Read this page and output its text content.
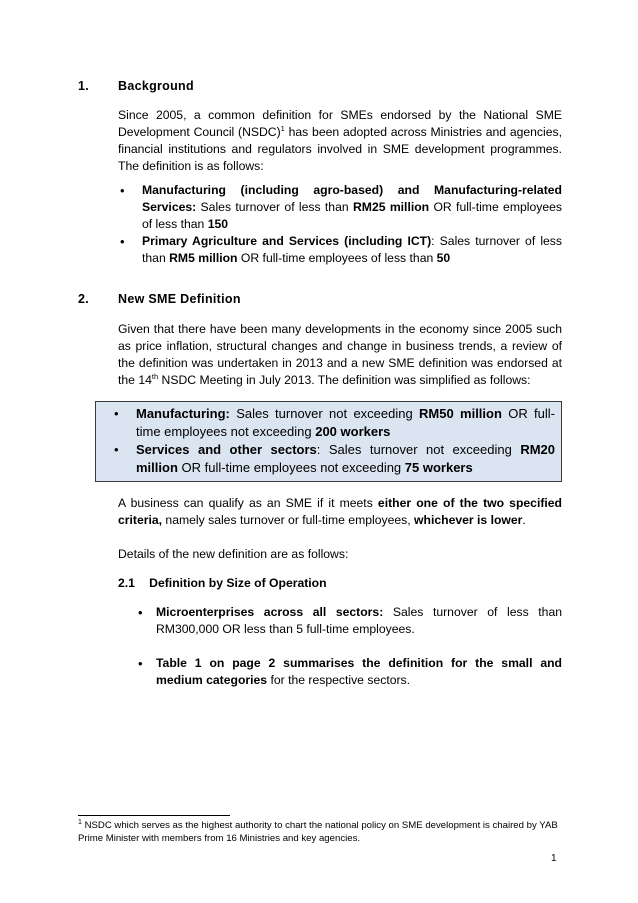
1. Background
Since 2005, a common definition for SMEs endorsed by the National SME Development Council (NSDC)$^1$ has been adopted across Ministries and agencies, financial institutions and regulators involved in SME development programmes. The definition is as follows:
• Manufacturing (including agro-based) and Manufacturing-related Services: Sales turnover of less than RM25 million OR full-time employees of less than 150
• Primary Agriculture and Services (including ICT): Sales turnover of less than RM5 million OR full-time employees of less than 50
2. New SME Definition
Given that there have been many developments in the economy since 2005 such as price inflation, structural changes and change in business trends, a review of the definition was undertaken in 2013 and a new SME definition was endorsed at the 14th NSDC Meeting in July 2013. The definition was simplified as follows:
• Manufacturing: Sales turnover not exceeding RM50 million OR full-time employees not exceeding 200 workers
• Services and other sectors: Sales turnover not exceeding RM20 million OR full-time employees not exceeding 75 workers
A business can qualify as an SME if it meets either one of the two specified criteria, namely sales turnover or full-time employees, whichever is lower.
Details of the new definition are as follows:
2.1 Definition by Size of Operation
• Microenterprises across all sectors: Sales turnover of less than RM300,000 OR less than 5 full-time employees.
• Table 1 on page 2 summarises the definition for the small and medium categories for the respective sectors.
$^1$ NSDC which serves as the highest authority to chart the national policy on SME development is chaired by YAB Prime Minister with members from 16 Ministries and key agencies.
1
